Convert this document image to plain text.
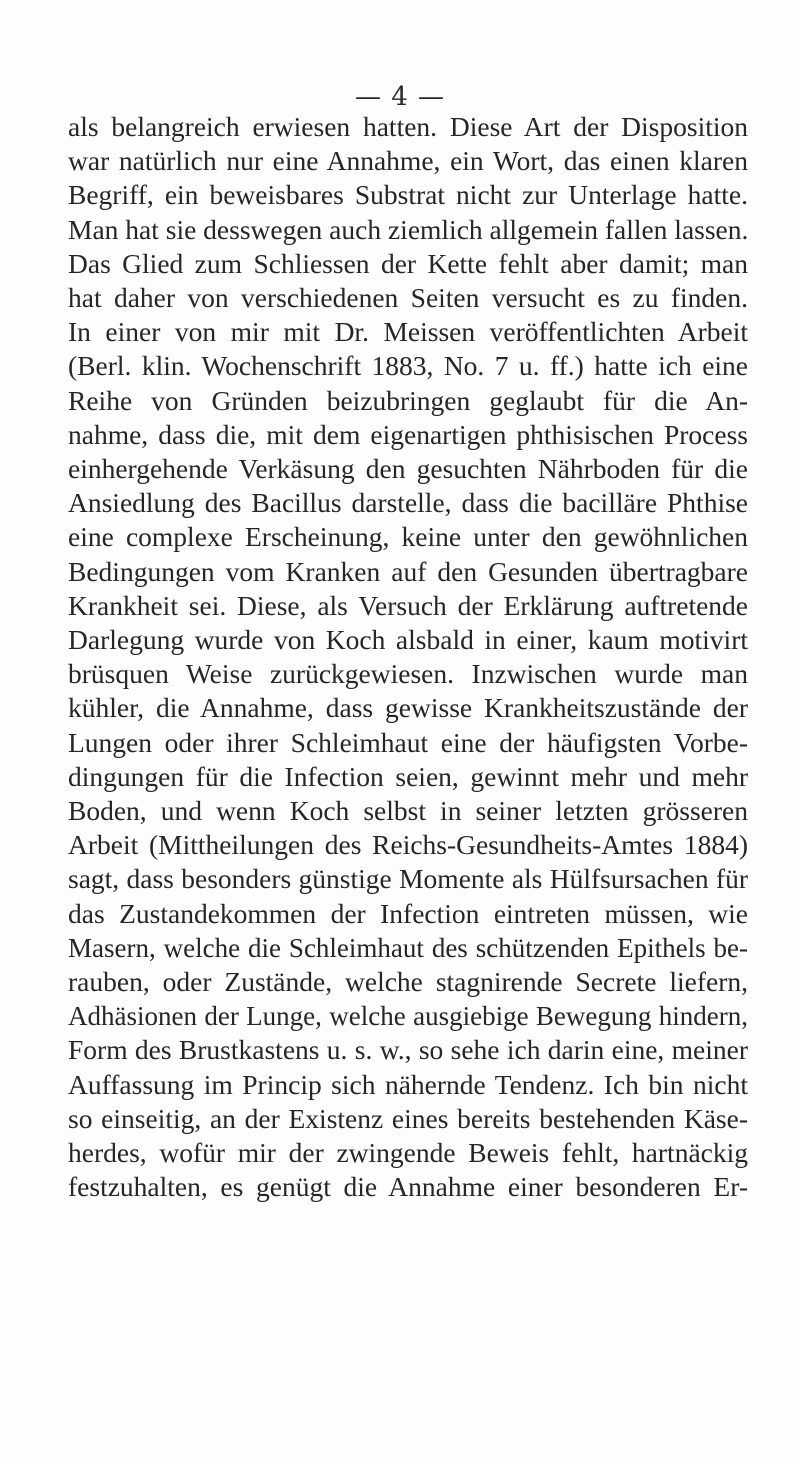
— 4 —
als belangreich erwiesen hatten. Diese Art der Disposition
war natürlich nur eine Annahme, ein Wort, das einen klaren
Begriff, ein beweisbares Substrat nicht zur Unterlage hatte.
Man hat sie desswegen auch ziemlich allgemein fallen lassen.
Das Glied zum Schliessen der Kette fehlt aber damit; man
hat daher von verschiedenen Seiten versucht es zu finden.
In einer von mir mit Dr. Meissen veröffentlichten Arbeit
(Berl. klin. Wochenschrift 1883, No. 7 u. ff.) hatte ich eine
Reihe von Gründen beizubringen geglaubt für die An-
nahme, dass die, mit dem eigenartigen phthisischen Process
einhergehende Verkäsung den gesuchten Nährboden für die
Ansiedlung des Bacillus darstelle, dass die bacilläre Phthise
eine complexe Erscheinung, keine unter den gewöhnlichen
Bedingungen vom Kranken auf den Gesunden übertragbare
Krankheit sei. Diese, als Versuch der Erklärung auftretende
Darlegung wurde von Koch alsbald in einer, kaum motivirt
brüsquen Weise zurückgewiesen. Inzwischen wurde man
kühler, die Annahme, dass gewisse Krankheitszustände der
Lungen oder ihrer Schleimhaut eine der häufigsten Vorbe-
dingungen für die Infection seien, gewinnt mehr und mehr
Boden, und wenn Koch selbst in seiner letzten grösseren
Arbeit (Mittheilungen des Reichs-Gesundheits-Amtes 1884)
sagt, dass besonders günstige Momente als Hülfsursachen für
das Zustandekommen der Infection eintreten müssen, wie
Masern, welche die Schleimhaut des schützenden Epithels be-
rauben, oder Zustände, welche stagnirende Secrete liefern,
Adhäsionen der Lunge, welche ausgiebige Bewegung hindern,
Form des Brustkastens u. s. w., so sehe ich darin eine, meiner
Auffassung im Princip sich nähernde Tendenz. Ich bin nicht
so einseitig, an der Existenz eines bereits bestehenden Käse-
herdes, wofür mir der zwingende Beweis fehlt, hartnäckig
festzuhalten, es genügt die Annahme einer besonderen Er-
